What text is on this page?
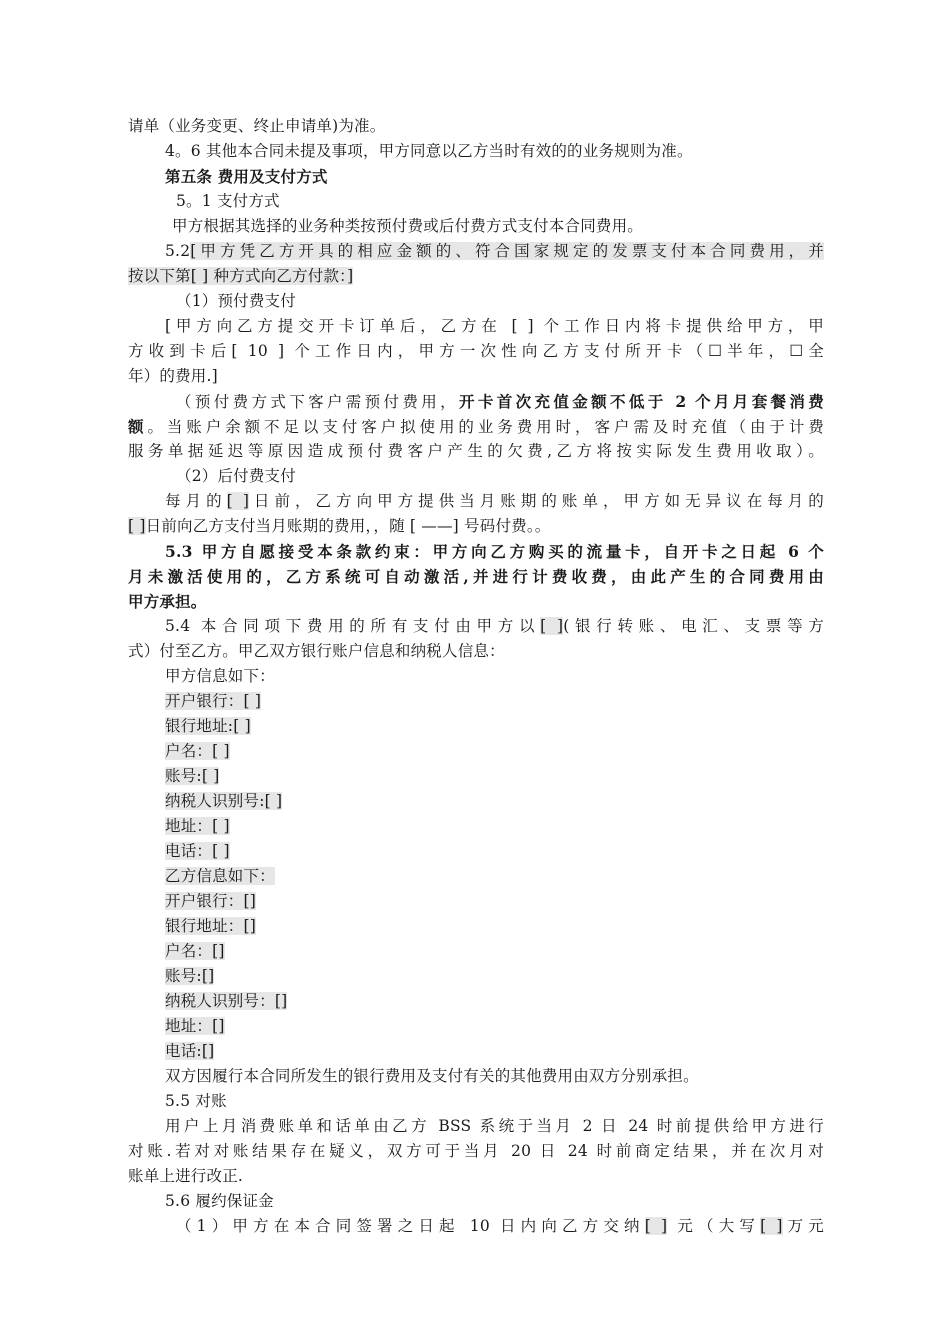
请单（业务变更、终止申请单)为准。
4。6 其他本合同未提及事项，甲方同意以乙方当时有效的的业务规则为准。
第五条 费用及支付方式
5。1 支付方式
甲方根据其选择的业务种类按预付费或后付费方式支付本合同费用。
5.2[甲方凭乙方开具的相应金额的、符合国家规定的发票支付本合同费用，并
按以下第[ ] 种方式向乙方付款：]
（1）预付费支付
[甲方向乙方提交开卡订单后，乙方在 [ ] 个工作日内将卡提供给甲方，甲
方收到卡后[ 10 ] 个工作日内，甲方一次性向乙方支付所开卡（☐半年，☐全
年）的费用.]
（预付费方式下客户需预付费用，开卡首次充值金额不低于 2 个月月套餐消费
额。当账户余额不足以支付客户拟使用的业务费用时，客户需及时充值（由于计费
服务单据延迟等原因造成预付费客户产生的欠费,乙方将按实际发生费用收取）。
（2）后付费支付
每月的[ ]日前，乙方向甲方提供当月账期的账单，甲方如无异议在每月的
[ ]日前向乙方支付当月账期的费用，，随 [ ——] 号码付费。。
5.3 甲方自愿接受本条款约束：甲方向乙方购买的流量卡，自开卡之日起 6 个
月未激活使用的，乙方系统可自动激活,并进行计费收费，由此产生的合同费用由
甲方承担。
5.4 本合同项下费用的所有支付由甲方以[ ](银行转账、电汇、支票等方
式）付至乙方。甲乙双方银行账户信息和纳税人信息：
甲方信息如下：
开户银行：[ ]
银行地址:[ ]
户名：[ ]
账号:[ ]
纳税人识别号:[ ]
地址：[ ]
电话：[ ]
乙方信息如下：
开户银行：[]
银行地址：[]
户名：[]
账号:[]
纳税人识别号：[]
地址：[]
电话:[]
双方因履行本合同所发生的银行费用及支付有关的其他费用由双方分别承担。
5.5 对账
用户上月消费账单和话单由乙方 BSS 系统于当月 2 日 24 时前提供给甲方进行
对账.若对对账结果存在疑义，双方可于当月 20 日 24 时前商定结果，并在次月对
账单上进行改正.
5.6 履约保证金
（1）甲方在本合同签署之日起 10 日内向乙方交纳[ ] 元（大写[ ]万元
